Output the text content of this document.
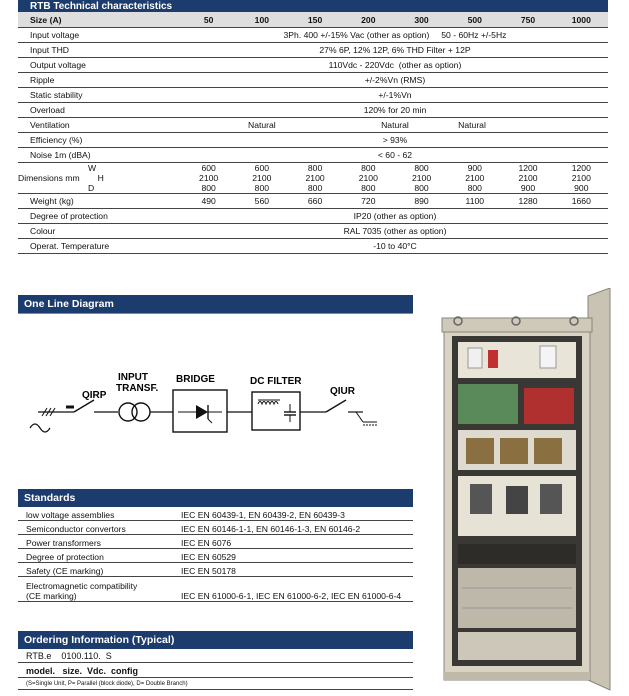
RTB Technical characteristics								
Size (A)	50	100	150	200	300	500	750	1000
Input voltage	3Ph. 400 +/-15% Vac (other as option)     50 - 60Hz +/-5Hz							
Input THD	27% 6P, 12% 12P, 6% THD Filter + 12P							
Output voltage	110Vdc - 220Vdc  (other as option)							
Ripple	+/-2%Vn (RMS)							
Static stability	+/-1%Vn							
Overload	120% for 20 min							
Ventilation	Natural			Natural		Natural		
Efficiency (%)	> 93%							
Noise 1m (dBA)	< 60 - 62							
W	600	600	800	800	800	900	1200	1200
Dimensions mm H	2100	2100	2100	2100	2100	2100	2100	2100
D	800	800	800	800	800	800	900	900
Weight (kg)	490	560	660	720	890	1100	1280	1660
Degree of protection	IP20 (other as option)							
Colour	RAL 7035 (other as option)							
Operat. Temperature	-10 to 40°C							
One Line Diagram
QIRP
INPUT
TRANSF.
BRIDGE	DC FILTER
QIUR
Standards
low voltage assemblies	IEC EN 60439-1, EN 60439-2, EN 60439-3
Semiconductor convertors	IEC EN 60146-1-1, EN 60146-1-3, EN 60146-2
Power transformers	IEC EN 6076
Degree of protection	IEC EN 60529
Safety (CE marking)	IEC EN 50178
Electromagnetic compatibility
(CE marking)	IEC EN 61000-6-1, IEC EN 61000-6-2, IEC EN 61000-6-4
Ordering Information (Typical)
RTB.e    0100.110.  S
model.   size.  Vdc.  config
(S=Single Unit, P= Parallel (block diode), D= Double Branch)
